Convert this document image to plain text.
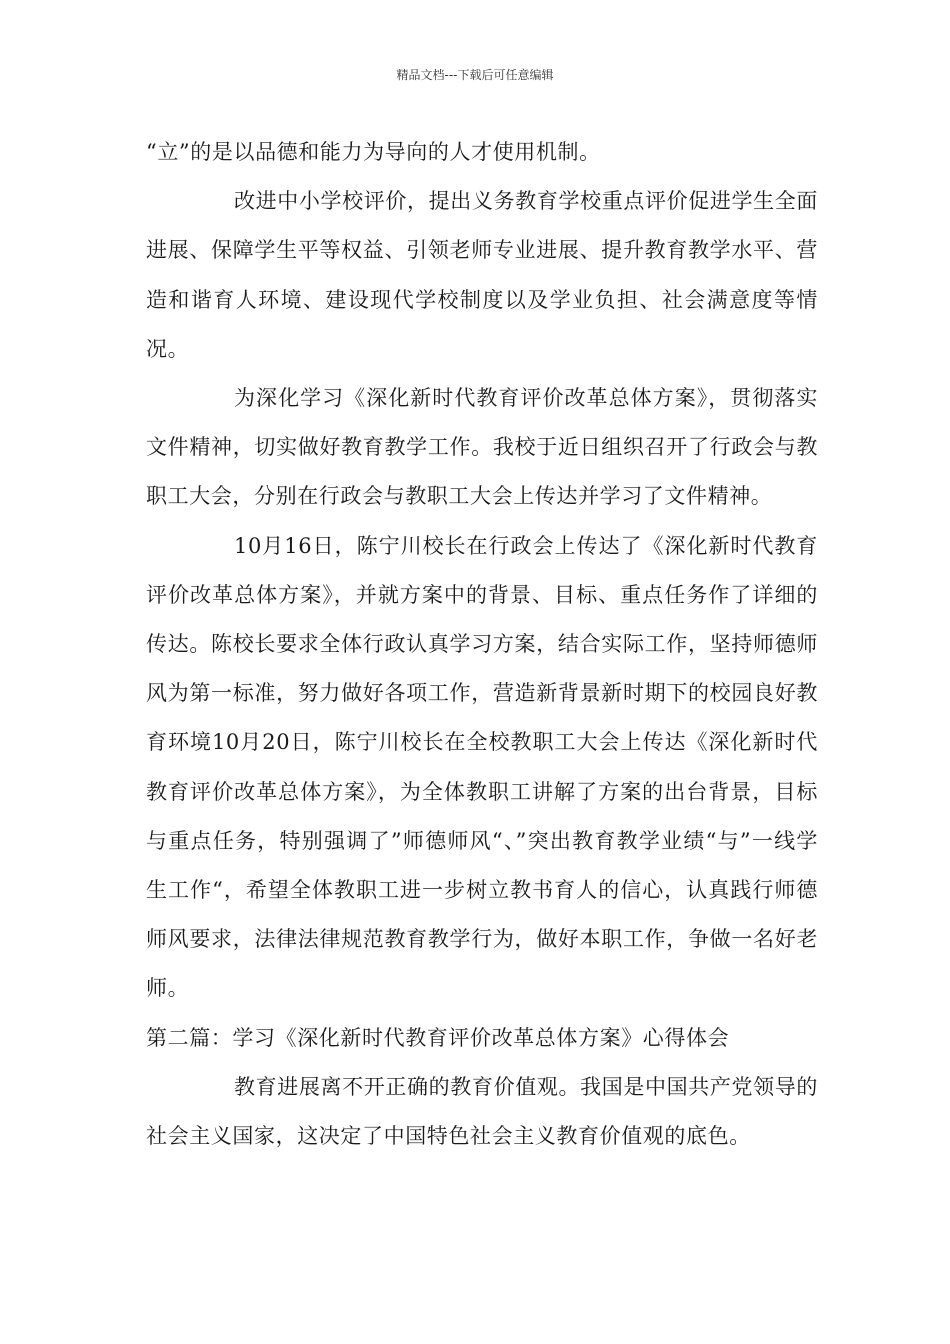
精品文档---下载后可任意编辑

“立”的是以品德和能力为导向的人才使用机制。

改进中小学校评价，提出义务教育学校重点评价促进学生全面进展、保障学生平等权益、引领老师专业进展、提升教育教学水平、营造和谐育人环境、建设现代学校制度以及学业负担、社会满意度等情况。

为深化学习《深化新时代教育评价改革总体方案》，贯彻落实文件精神，切实做好教育教学工作。我校于近日组织召开了行政会与教职工大会，分别在行政会与教职工大会上传达并学习了文件精神。

10月16日，陈宁川校长在行政会上传达了《深化新时代教育评价改革总体方案》，并就方案中的背景、目标、重点任务作了详细的传达。陈校长要求全体行政认真学习方案，结合实际工作，坚持师德师风为第一标准，努力做好各项工作，营造新背景新时期下的校园良好教育环境10月20日，陈宁川校长在全校教职工大会上传达《深化新时代教育评价改革总体方案》，为全体教职工讲解了方案的出台背景，目标与重点任务，特别强调了”师德师风“、”突出教育教学业绩“与”一线学生工作“，希望全体教职工进一步树立教书育人的信心，认真践行师德师风要求，法律法律规范教育教学行为，做好本职工作，争做一名好老师。

第二篇：学习《深化新时代教育评价改革总体方案》心得体会

教育进展离不开正确的教育价值观。我国是中国共产党领导的社会主义国家，这决定了中国特色社会主义教育价值观的底色。
